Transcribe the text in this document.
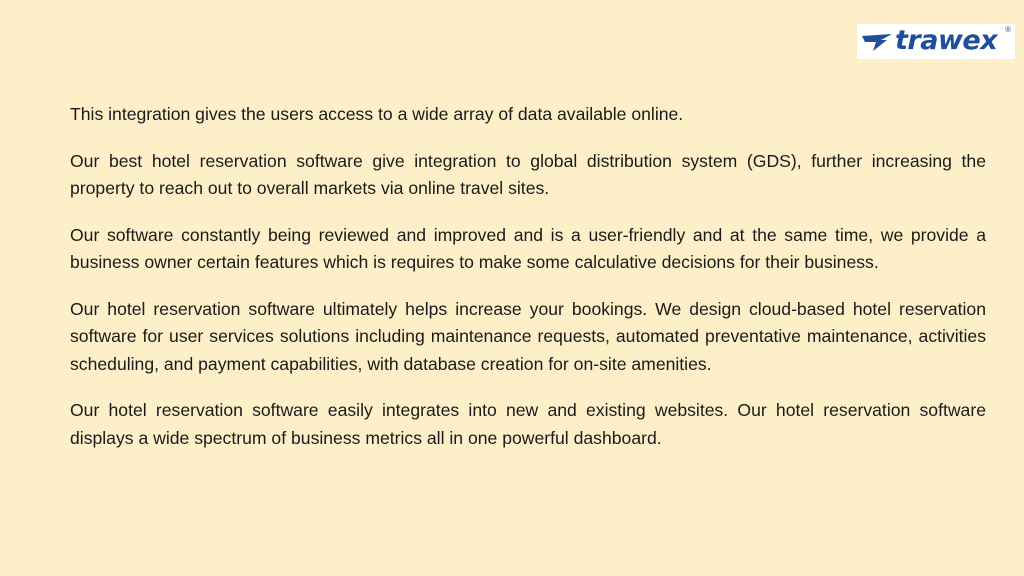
trawex ®

This integration gives the users access to a wide array of data available online.

Our best hotel reservation software give integration to global distribution system (GDS), further increasing the property to reach out to overall markets via online travel sites.

Our software constantly being reviewed and improved and is a user-friendly and at the same time, we provide a business owner certain features which is requires to make some calculative decisions for their business.

Our hotel reservation software ultimately helps increase your bookings. We design cloud-based hotel reservation software for user services solutions including maintenance requests, automated preventative maintenance, activities scheduling, and payment capabilities, with database creation for on-site amenities.

Our hotel reservation software easily integrates into new and existing websites. Our hotel reservation software displays a wide spectrum of business metrics all in one powerful dashboard.
